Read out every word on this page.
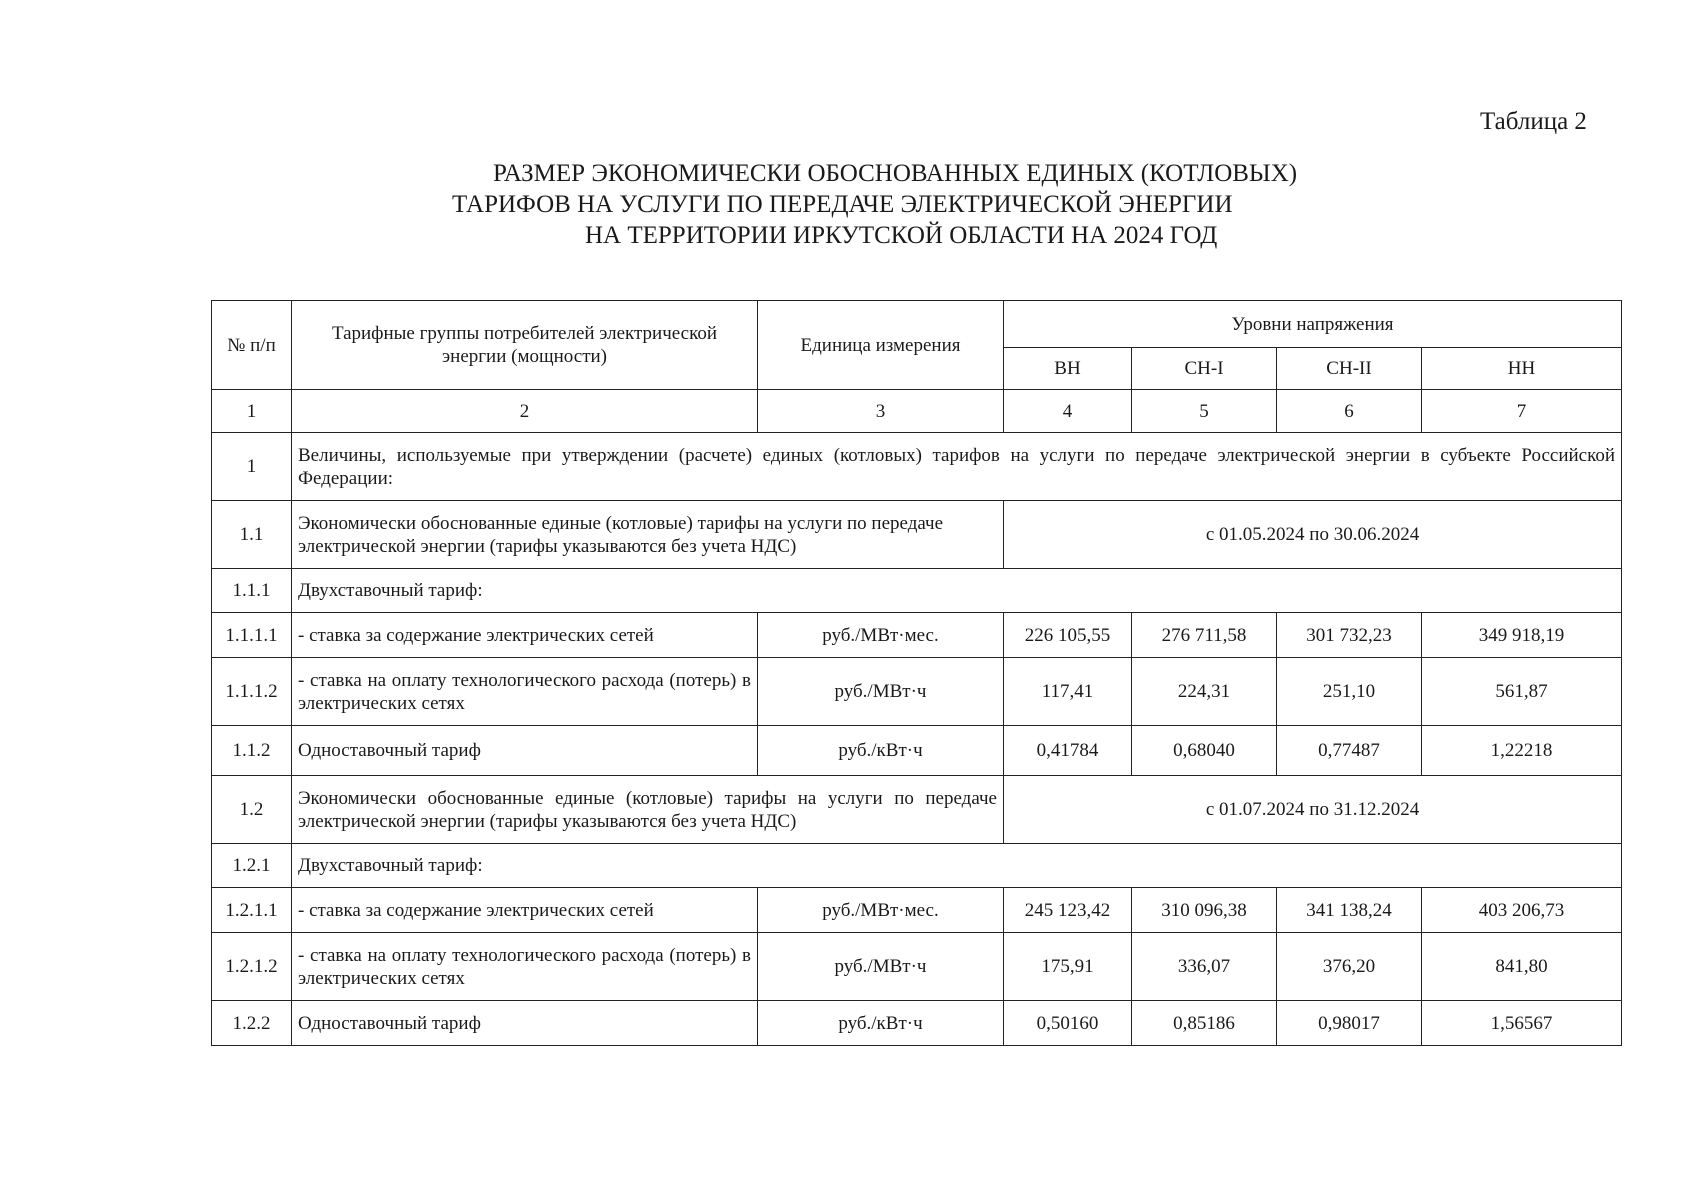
Таблица 2
РАЗМЕР ЭКОНОМИЧЕСКИ ОБОСНОВАННЫХ ЕДИНЫХ (КОТЛОВЫХ)
ТАРИФОВ НА УСЛУГИ ПО ПЕРЕДАЧЕ ЭЛЕКТРИЧЕСКОЙ ЭНЕРГИИ
НА ТЕРРИТОРИИ ИРКУТСКОЙ ОБЛАСТИ НА 2024 ГОД
№ п/п	Тарифные группы потребителей электрической энергии (мощности)	Единица измерения	Уровни напряжения			
			ВН	СН-I	СН-II	НН
1	2	3	4	5	6	7
1	Величины, используемые при утверждении (расчете) единых (котловых) тарифов на услуги по передаче электрической энергии в субъекте Российской Федерации:					
1.1	Экономически обоснованные единые (котловые) тарифы на услуги по передаче электрической энергии (тарифы указываются без учета НДС)		с 01.05.2024 по 30.06.2024			
1.1.1	Двухставочный тариф:					
1.1.1.1	- ставка за содержание электрических сетей	руб./МВт·мес.	226 105,55	276 711,58	301 732,23	349 918,19
1.1.1.2	- ставка на оплату технологического расхода (потерь) в электрических сетях	руб./МВт·ч	117,41	224,31	251,10	561,87
1.1.2	Одноставочный тариф	руб./кВт·ч	0,41784	0,68040	0,77487	1,22218
1.2	Экономически обоснованные единые (котловые) тарифы на услуги по передаче электрической энергии (тарифы указываются без учета НДС)		с 01.07.2024 по 31.12.2024			
1.2.1	Двухставочный тариф:					
1.2.1.1	- ставка за содержание электрических сетей	руб./МВт·мес.	245 123,42	310 096,38	341 138,24	403 206,73
1.2.1.2	- ставка на оплату технологического расхода (потерь) в электрических сетях	руб./МВт·ч	175,91	336,07	376,20	841,80
1.2.2	Одноставочный тариф	руб./кВт·ч	0,50160	0,85186	0,98017	1,56567
